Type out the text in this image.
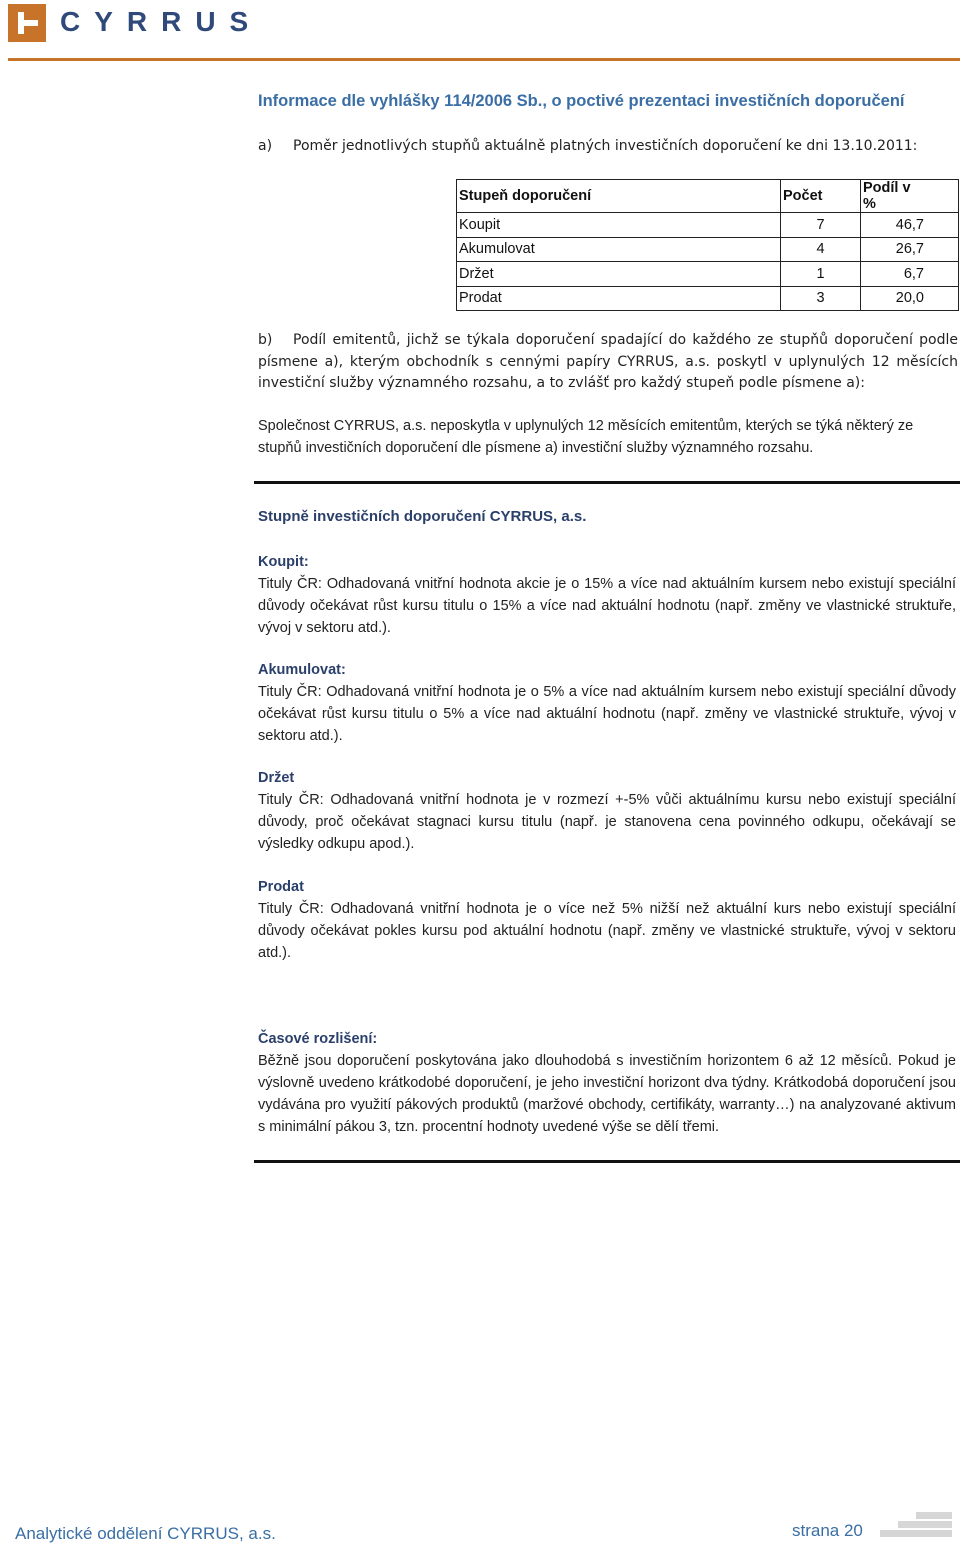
CYRRUS
Informace dle vyhlášky 114/2006 Sb., o poctivé prezentaci investičních doporučení
a) Poměr jednotlivých stupňů aktuálně platných investičních doporučení ke dni 13.10.2011:
Stupeň doporučení	Počet	Podíl v %
Koupit	7	46,7
Akumulovat	4	26,7
Držet	1	6,7
Prodat	3	20,0
b) Podíl emitentů, jichž se týkala doporučení spadající do každého ze stupňů doporučení podle písmene a), kterým obchodník s cennými papíry CYRRUS, a.s. poskytl v uplynulých 12 měsících investiční služby významného rozsahu, a to zvlášť pro každý stupeň podle písmene a):
Společnost CYRRUS, a.s. neposkytla v uplynulých 12 měsících emitentům, kterých se týká některý ze stupňů investičních doporučení dle písmene a) investiční služby významného rozsahu.
Stupně investičních doporučení CYRRUS, a.s.
Koupit:
Tituly ČR: Odhadovaná vnitřní hodnota akcie je o 15% a více nad aktuálním kursem nebo existují speciální důvody očekávat růst kursu titulu o 15% a více nad aktuální hodnotu (např. změny ve vlastnické struktuře, vývoj v sektoru atd.).
Akumulovat:
Tituly ČR: Odhadovaná vnitřní hodnota je o 5% a více nad aktuálním kursem nebo existují speciální důvody očekávat růst kursu titulu o 5% a více nad aktuální hodnotu (např. změny ve vlastnické struktuře, vývoj v sektoru atd.).
Držet
Tituly ČR: Odhadovaná vnitřní hodnota je v rozmezí +-5% vůči aktuálnímu kursu nebo existují speciální důvody, proč očekávat stagnaci kursu titulu (např. je stanovena cena povinného odkupu, očekávají se výsledky odkupu apod.).
Prodat
Tituly ČR: Odhadovaná vnitřní hodnota je o více než 5% nižší než aktuální kurs nebo existují speciální důvody očekávat pokles kursu pod aktuální hodnotu (např. změny ve vlastnické struktuře, vývoj v sektoru atd.).
Časové rozlišení:
Běžně jsou doporučení poskytována jako dlouhodobá s investičním horizontem 6 až 12 měsíců. Pokud je výslovně uvedeno krátkodobé doporučení, je jeho investiční horizont dva týdny. Krátkodobá doporučení jsou vydávána pro využití pákových produktů (maržové obchody, certifikáty, warranty…) na analyzované aktivum s minimální pákou 3, tzn. procentní hodnoty uvedené výše se dělí třemi.
Analytické oddělení CYRRUS, a.s.	strana 20
